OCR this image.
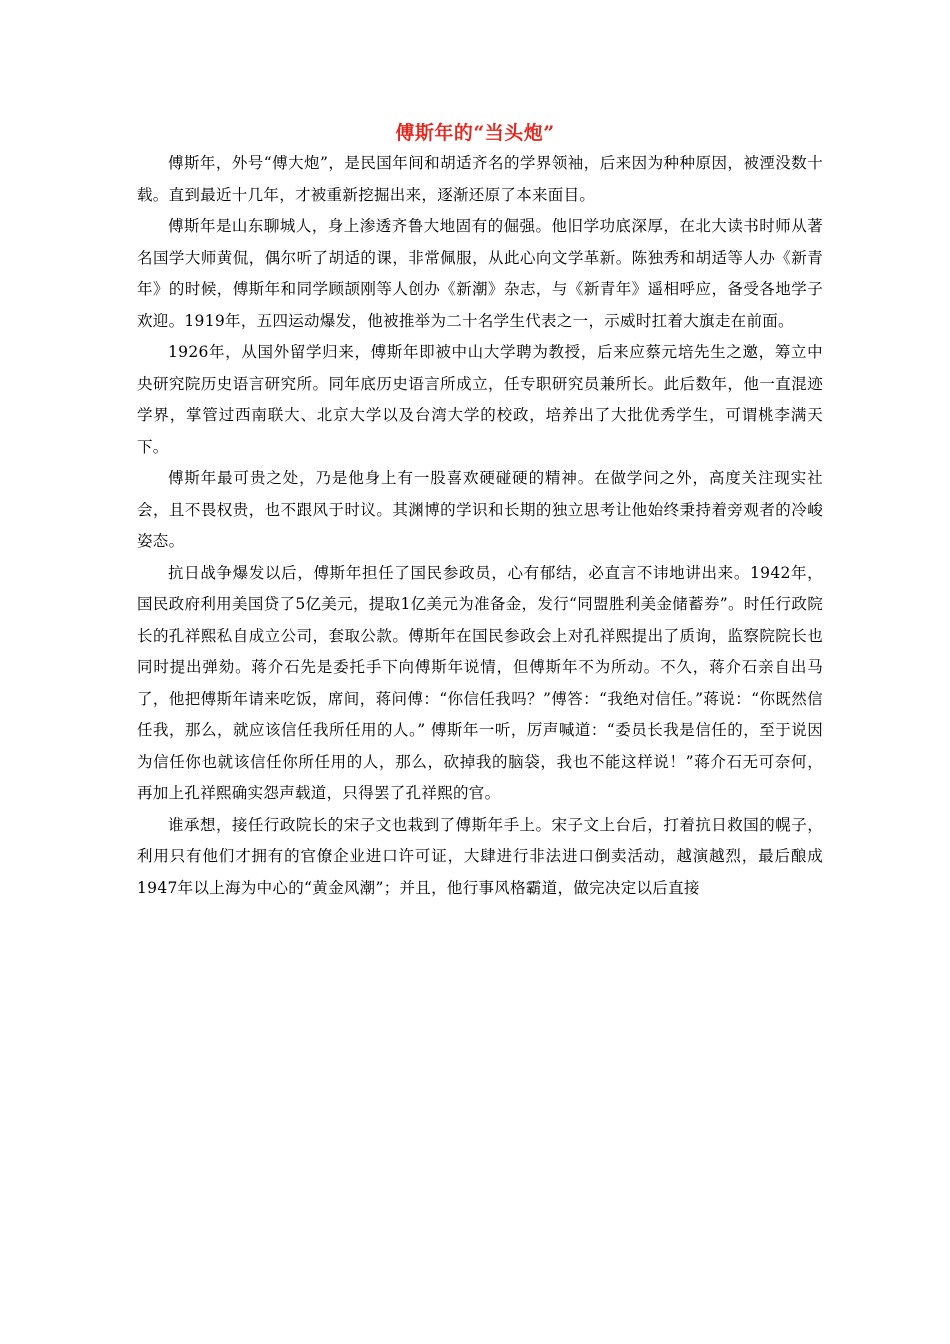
傅斯年的“当头炮”

傅斯年，外号“傅大炮”，是民国年间和胡适齐名的学界领袖，后来因为种种原因，被湮没数十载。直到最近十几年，才被重新挖掘出来，逐渐还原了本来面目。

傅斯年是山东聊城人，身上渗透齐鲁大地固有的倔强。他旧学功底深厚，在北大读书时师从著名国学大师黄侃，偶尔听了胡适的课，非常佩服，从此心向文学革新。陈独秀和胡适等人办《新青年》的时候，傅斯年和同学顾颉刚等人创办《新潮》杂志，与《新青年》遥相呼应，备受各地学子欢迎。1919年，五四运动爆发，他被推举为二十名学生代表之一，示威时扛着大旗走在前面。

1926年，从国外留学归来，傅斯年即被中山大学聘为教授，后来应蔡元培先生之邀，筹立中央研究院历史语言研究所。同年底历史语言所成立，任专职研究员兼所长。此后数年，他一直混迹学界，掌管过西南联大、北京大学以及台湾大学的校政，培养出了大批优秀学生，可谓桃李满天下。

傅斯年最可贵之处，乃是他身上有一股喜欢硬碰硬的精神。在做学问之外，高度关注现实社会，且不畏权贵，也不跟风于时议。其渊博的学识和长期的独立思考让他始终秉持着旁观者的冷峻姿态。

抗日战争爆发以后，傅斯年担任了国民参政员，心有郁结，必直言不讳地讲出来。1942年，国民政府利用美国贷了5亿美元，提取1亿美元为准备金，发行“同盟胜利美金储蓄券”。时任行政院长的孔祥熙私自成立公司，套取公款。傅斯年在国民参政会上对孔祥熙提出了质询，监察院院长也同时提出弹劾。蒋介石先是委托手下向傅斯年说情，但傅斯年不为所动。不久，蒋介石亲自出马了，他把傅斯年请来吃饭，席间，蒋问傅：“你信任我吗？”傅答：“我绝对信任。”蒋说：“你既然信任我，那么，就应该信任我所任用的人。” 傅斯年一听，厉声喊道：“委员长我是信任的，至于说因为信任你也就该信任你所任用的人，那么，砍掉我的脑袋，我也不能这样说！”蒋介石无可奈何，再加上孔祥熙确实怨声载道，只得罢了孔祥熙的官。

谁承想，接任行政院长的宋子文也栽到了傅斯年手上。宋子文上台后，打着抗日救国的幌子，利用只有他们才拥有的官僚企业进口许可证，大肆进行非法进口倒卖活动，越演越烈，最后酿成1947年以上海为中心的“黄金风潮”；并且，他行事风格霸道，做完决定以后直接
